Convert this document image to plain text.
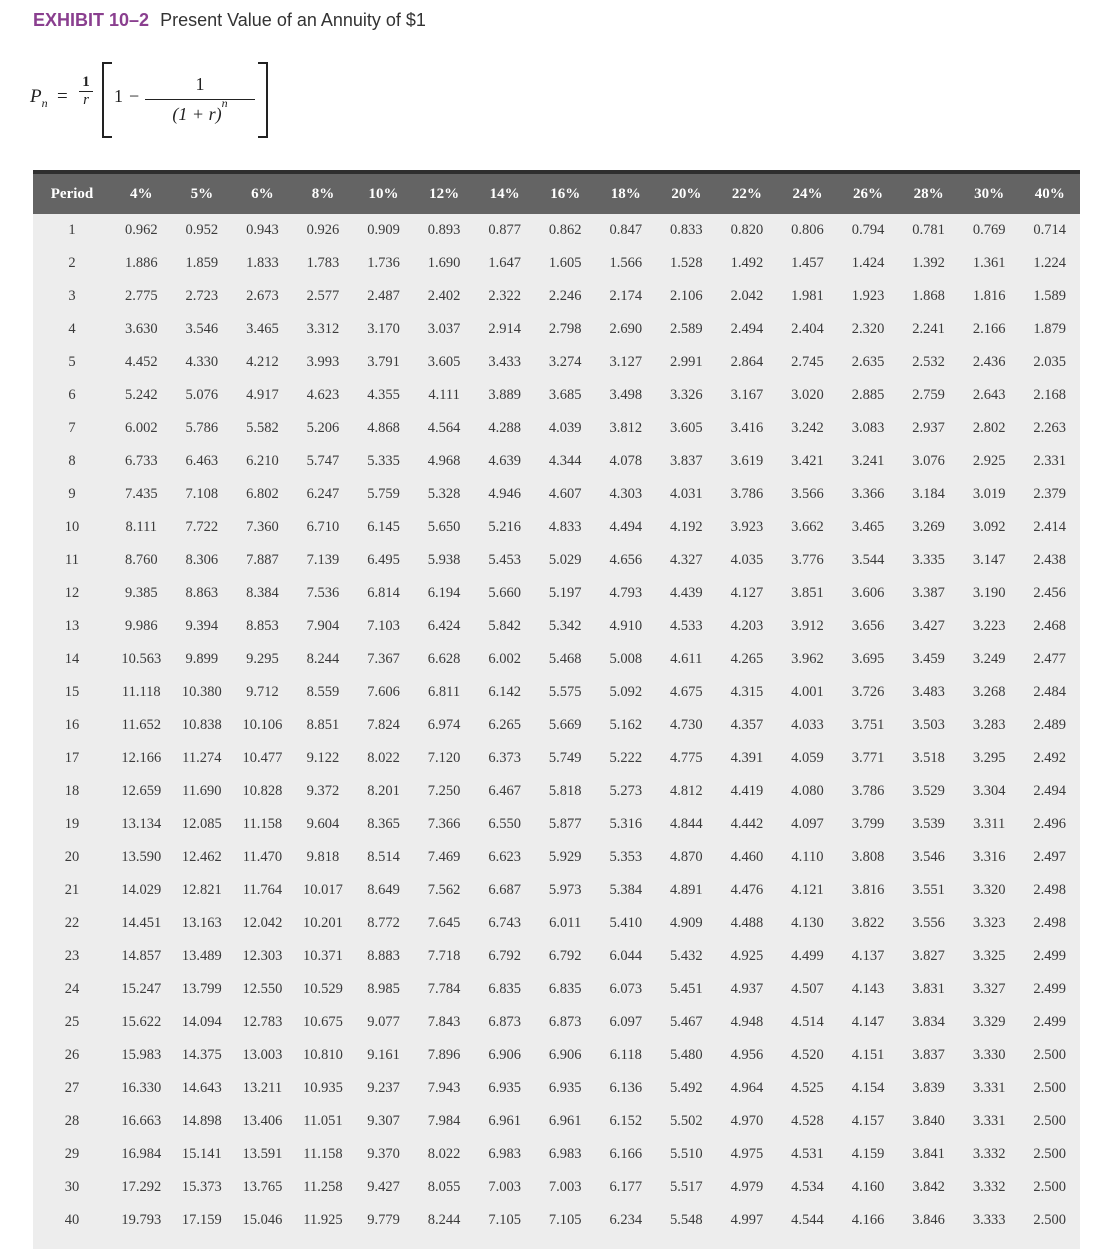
EXHIBIT 10–2 Present Value of an Annuity of $1
$P_n = \frac{1}{r} 1 - \frac{1}{(1 + r)^n}$
Period	4%	5%	6%	8%	10%	12%	14%	16%	18%	20%	22%	24%	26%	28%	30%	40%
1	0.962	0.952	0.943	0.926	0.909	0.893	0.877	0.862	0.847	0.833	0.820	0.806	0.794	0.781	0.769	0.714
2	1.886	1.859	1.833	1.783	1.736	1.690	1.647	1.605	1.566	1.528	1.492	1.457	1.424	1.392	1.361	1.224
3	2.775	2.723	2.673	2.577	2.487	2.402	2.322	2.246	2.174	2.106	2.042	1.981	1.923	1.868	1.816	1.589
4	3.630	3.546	3.465	3.312	3.170	3.037	2.914	2.798	2.690	2.589	2.494	2.404	2.320	2.241	2.166	1.879
5	4.452	4.330	4.212	3.993	3.791	3.605	3.433	3.274	3.127	2.991	2.864	2.745	2.635	2.532	2.436	2.035
6	5.242	5.076	4.917	4.623	4.355	4.111	3.889	3.685	3.498	3.326	3.167	3.020	2.885	2.759	2.643	2.168
7	6.002	5.786	5.582	5.206	4.868	4.564	4.288	4.039	3.812	3.605	3.416	3.242	3.083	2.937	2.802	2.263
8	6.733	6.463	6.210	5.747	5.335	4.968	4.639	4.344	4.078	3.837	3.619	3.421	3.241	3.076	2.925	2.331
9	7.435	7.108	6.802	6.247	5.759	5.328	4.946	4.607	4.303	4.031	3.786	3.566	3.366	3.184	3.019	2.379
10	8.111	7.722	7.360	6.710	6.145	5.650	5.216	4.833	4.494	4.192	3.923	3.662	3.465	3.269	3.092	2.414
11	8.760	8.306	7.887	7.139	6.495	5.938	5.453	5.029	4.656	4.327	4.035	3.776	3.544	3.335	3.147	2.438
12	9.385	8.863	8.384	7.536	6.814	6.194	5.660	5.197	4.793	4.439	4.127	3.851	3.606	3.387	3.190	2.456
13	9.986	9.394	8.853	7.904	7.103	6.424	5.842	5.342	4.910	4.533	4.203	3.912	3.656	3.427	3.223	2.468
14	10.563	9.899	9.295	8.244	7.367	6.628	6.002	5.468	5.008	4.611	4.265	3.962	3.695	3.459	3.249	2.477
15	11.118	10.380	9.712	8.559	7.606	6.811	6.142	5.575	5.092	4.675	4.315	4.001	3.726	3.483	3.268	2.484
16	11.652	10.838	10.106	8.851	7.824	6.974	6.265	5.669	5.162	4.730	4.357	4.033	3.751	3.503	3.283	2.489
17	12.166	11.274	10.477	9.122	8.022	7.120	6.373	5.749	5.222	4.775	4.391	4.059	3.771	3.518	3.295	2.492
18	12.659	11.690	10.828	9.372	8.201	7.250	6.467	5.818	5.273	4.812	4.419	4.080	3.786	3.529	3.304	2.494
19	13.134	12.085	11.158	9.604	8.365	7.366	6.550	5.877	5.316	4.844	4.442	4.097	3.799	3.539	3.311	2.496
20	13.590	12.462	11.470	9.818	8.514	7.469	6.623	5.929	5.353	4.870	4.460	4.110	3.808	3.546	3.316	2.497
21	14.029	12.821	11.764	10.017	8.649	7.562	6.687	5.973	5.384	4.891	4.476	4.121	3.816	3.551	3.320	2.498
22	14.451	13.163	12.042	10.201	8.772	7.645	6.743	6.011	5.410	4.909	4.488	4.130	3.822	3.556	3.323	2.498
23	14.857	13.489	12.303	10.371	8.883	7.718	6.792	6.792	6.044	5.432	4.925	4.499	4.137	3.827	3.325	2.499
24	15.247	13.799	12.550	10.529	8.985	7.784	6.835	6.835	6.073	5.451	4.937	4.507	4.143	3.831	3.327	2.499
25	15.622	14.094	12.783	10.675	9.077	7.843	6.873	6.873	6.097	5.467	4.948	4.514	4.147	3.834	3.329	2.499
26	15.983	14.375	13.003	10.810	9.161	7.896	6.906	6.906	6.118	5.480	4.956	4.520	4.151	3.837	3.330	2.500
27	16.330	14.643	13.211	10.935	9.237	7.943	6.935	6.935	6.136	5.492	4.964	4.525	4.154	3.839	3.331	2.500
28	16.663	14.898	13.406	11.051	9.307	7.984	6.961	6.961	6.152	5.502	4.970	4.528	4.157	3.840	3.331	2.500
29	16.984	15.141	13.591	11.158	9.370	8.022	6.983	6.983	6.166	5.510	4.975	4.531	4.159	3.841	3.332	2.500
30	17.292	15.373	13.765	11.258	9.427	8.055	7.003	7.003	6.177	5.517	4.979	4.534	4.160	3.842	3.332	2.500
40	19.793	17.159	15.046	11.925	9.779	8.244	7.105	7.105	6.234	5.548	4.997	4.544	4.166	3.846	3.333	2.500
